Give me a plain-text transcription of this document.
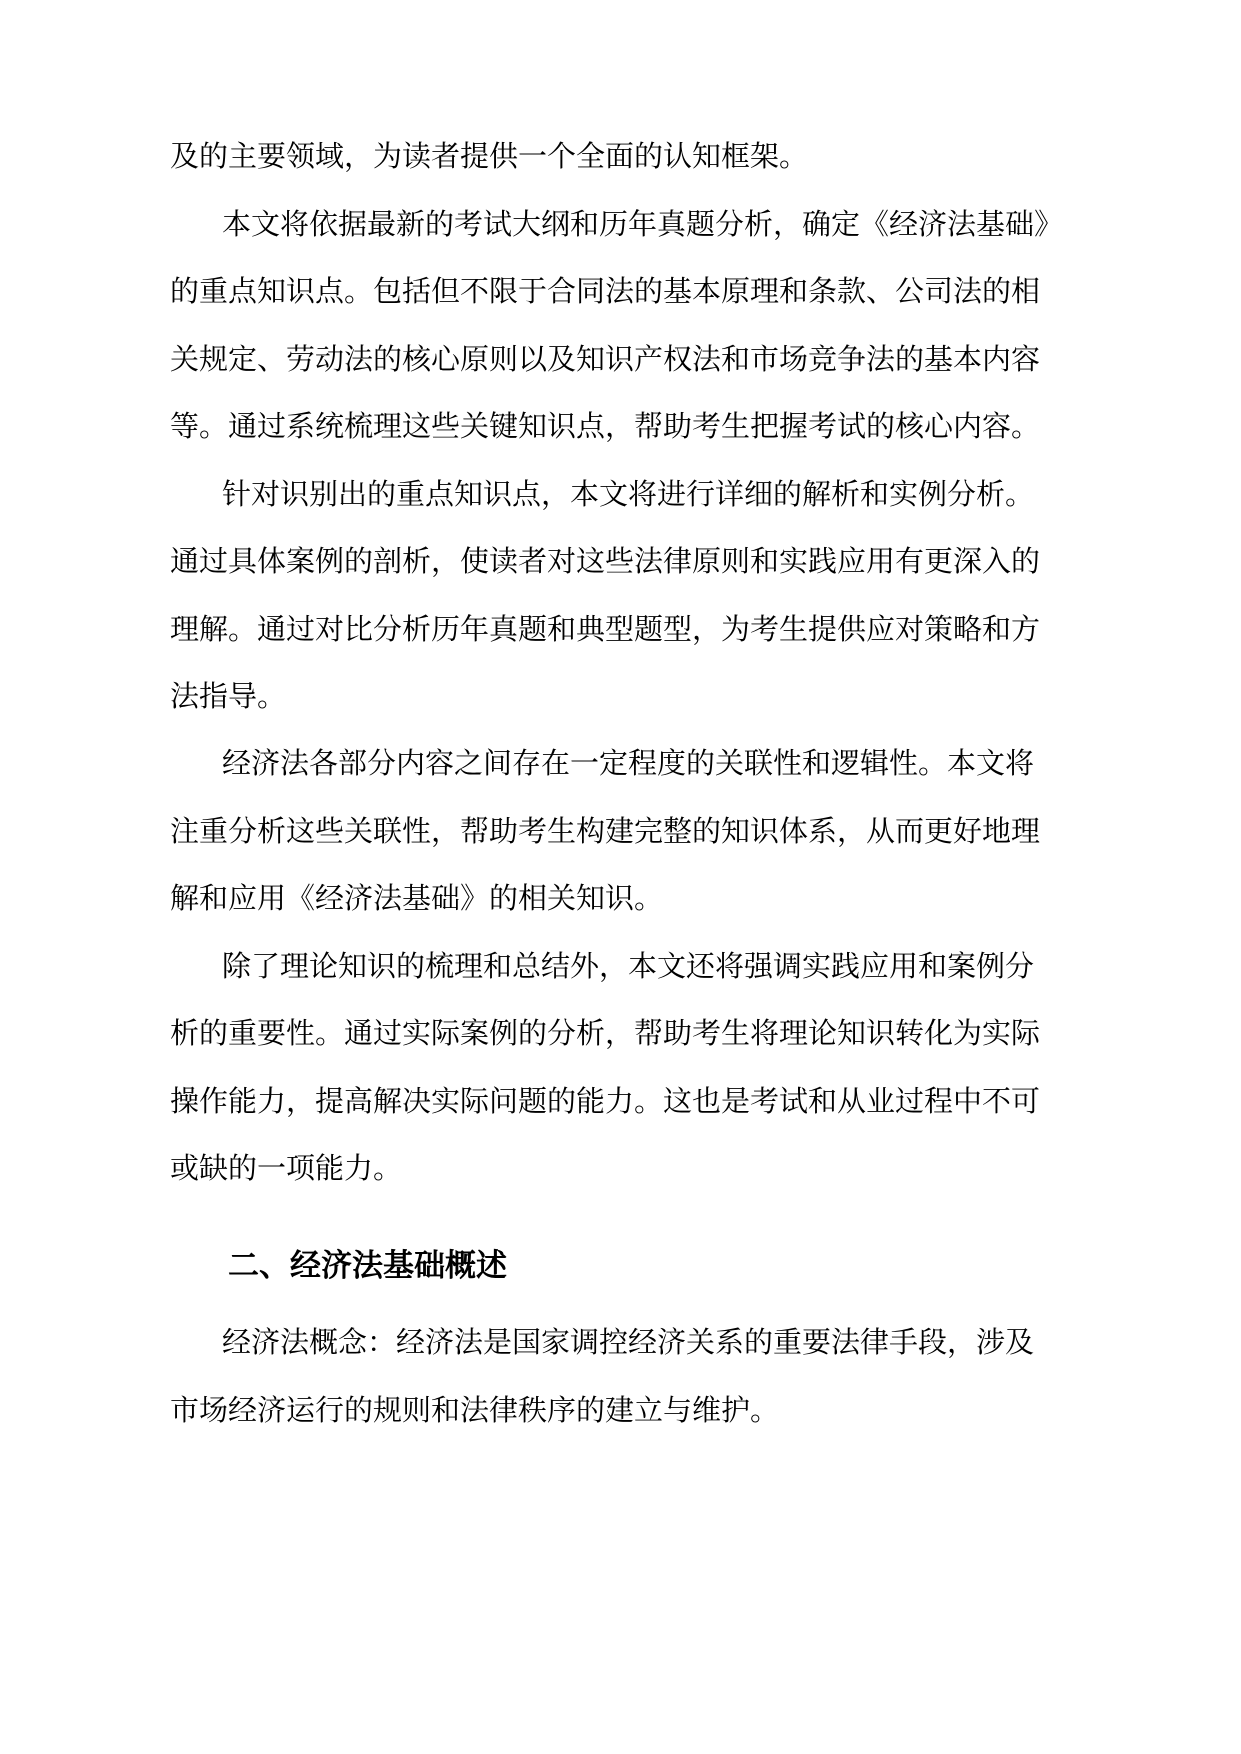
及的主要领域，为读者提供一个全面的认知框架。
本文将依据最新的考试大纲和历年真题分析，确定《经济法基础》
的重点知识点。包括但不限于合同法的基本原理和条款、公司法的相
关规定、劳动法的核心原则以及知识产权法和市场竞争法的基本内容
等。通过系统梳理这些关键知识点，帮助考生把握考试的核心内容。
针对识别出的重点知识点，本文将进行详细的解析和实例分析。
通过具体案例的剖析，使读者对这些法律原则和实践应用有更深入的
理解。通过对比分析历年真题和典型题型，为考生提供应对策略和方
法指导。
经济法各部分内容之间存在一定程度的关联性和逻辑性。本文将
注重分析这些关联性，帮助考生构建完整的知识体系，从而更好地理
解和应用《经济法基础》的相关知识。
除了理论知识的梳理和总结外，本文还将强调实践应用和案例分
析的重要性。通过实际案例的分析，帮助考生将理论知识转化为实际
操作能力，提高解决实际问题的能力。这也是考试和从业过程中不可
或缺的一项能力。
二、经济法基础概述
经济法概念：经济法是国家调控经济关系的重要法律手段，涉及
市场经济运行的规则和法律秩序的建立与维护。
